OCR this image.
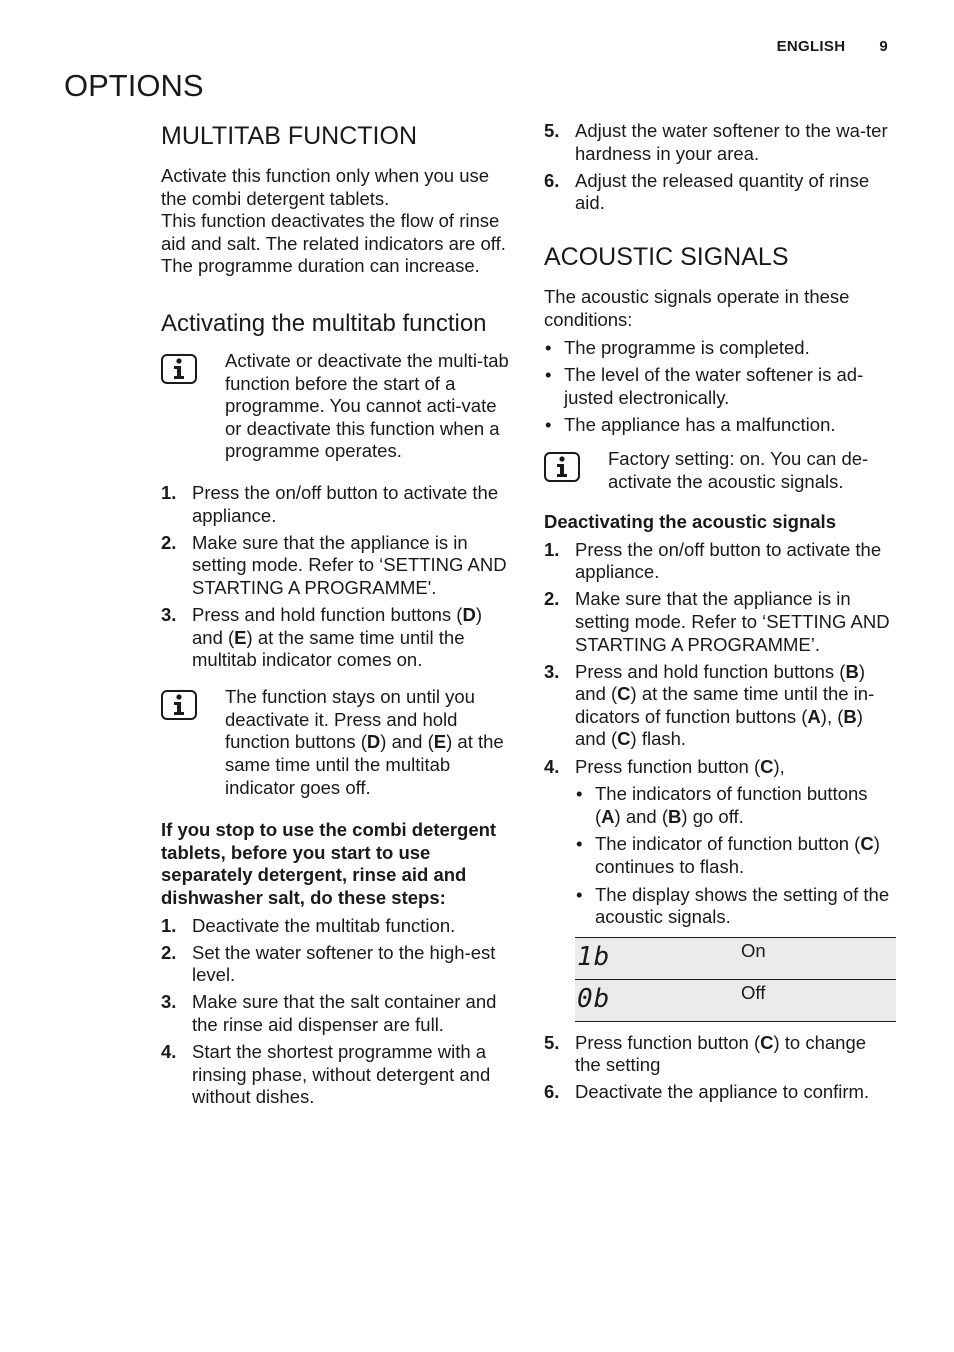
ENGLISH 9
OPTIONS
MULTITAB FUNCTION

Activate this function only when you use the combi detergent tablets.

This function deactivates the flow of rinse aid and salt. The related indicators are off.

The programme duration can increase.

Activating the multitab function

Activate or deactivate the multi-tab function before the start of a programme. You cannot acti-vate or deactivate this function when a programme operates.

1. Press the on/off button to activate the appliance.
2. Make sure that the appliance is in setting mode. Refer to ‘SETTING AND STARTING A PROGRAMME'.
3. Press and hold function buttons (D) and (E) at the same time until the multitab indicator comes on.

The function stays on until you deactivate it. Press and hold function buttons (D) and (E) at the same time until the multitab indicator goes off.

If you stop to use the combi detergent tablets, before you start to use separately detergent, rinse aid and dishwasher salt, do these steps:

1. Deactivate the multitab function.
2. Set the water softener to the high-est level.
3. Make sure that the salt container and the rinse aid dispenser are full.
4. Start the shortest programme with a rinsing phase, without detergent and without dishes.
5. Adjust the water softener to the wa-ter hardness in your area.
6. Adjust the released quantity of rinse aid.
ACOUSTIC SIGNALS

The acoustic signals operate in these conditions:

• The programme is completed.
• The level of the water softener is ad-justed electronically.
• The appliance has a malfunction.

Factory setting: on. You can de-activate the acoustic signals.

Deactivating the acoustic signals

1. Press the on/off button to activate the appliance.
2. Make sure that the appliance is in setting mode. Refer to ‘SETTING AND STARTING A PROGRAMME’.
3. Press and hold function buttons (B) and (C) at the same time until the in-dicators of function buttons (A), (B) and (C) flash.
4. Press function button (C),
• The indicators of function buttons (A) and (B) go off.
• The indicator of function button (C) continues to flash.
• The display shows the setting of the acoustic signals.
1b	On
0b	Off
5. Press function button (C) to change the setting
6. Deactivate the appliance to confirm.
